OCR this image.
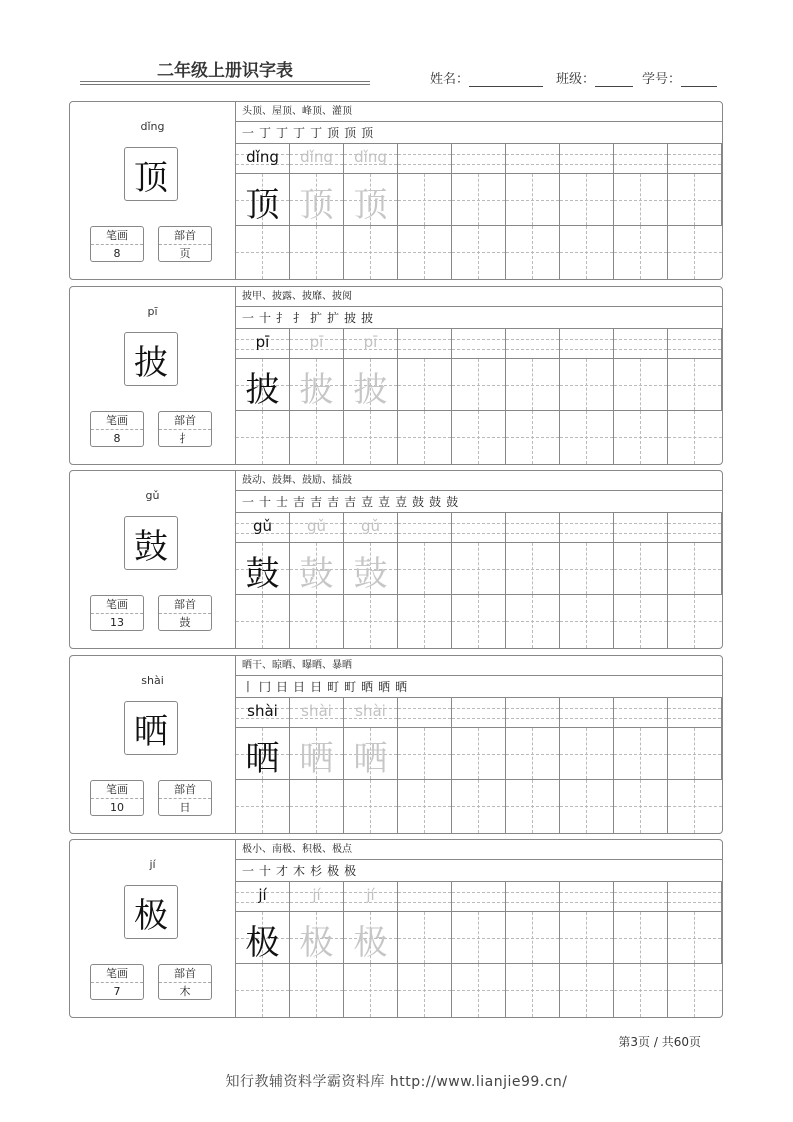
二年级上册识字表	姓名：	班级：	学号：
dǐng
顶
笔画
8
部首
页
头顶、屋顶、峰顶、灌顶
一 丁 丁 丁 丁 顶 顶 顶
dǐng
顶
dǐng
顶
dǐng
顶
pī
披
笔画
8
部首
扌
披甲、披露、披靡、披阅
一 十 扌 扌 扩 扩 披 披
pī
披
pī
披
pī
披
gǔ
鼓
笔画
13
部首
鼓
鼓动、鼓舞、鼓励、擂鼓
一 十 士 吉 吉 吉 吉 壴 壴 壴 鼓 鼓 鼓
gǔ
鼓
gǔ
鼓
gǔ
鼓
shài
晒
笔画
10
部首
日
晒干、晾晒、曝晒、暴晒
丨 冂 日 日 日 町 町 晒 晒 晒
shài
晒
shài
晒
shài
晒
jí
极
笔画
7
部首
木
极小、南极、积极、极点
一 十 才 木 杉 极 极
jí
极
jí
极
jí
极
第3页 / 共60页
知行教辅资料学霸资料库 http://www.lianjie99.cn/
